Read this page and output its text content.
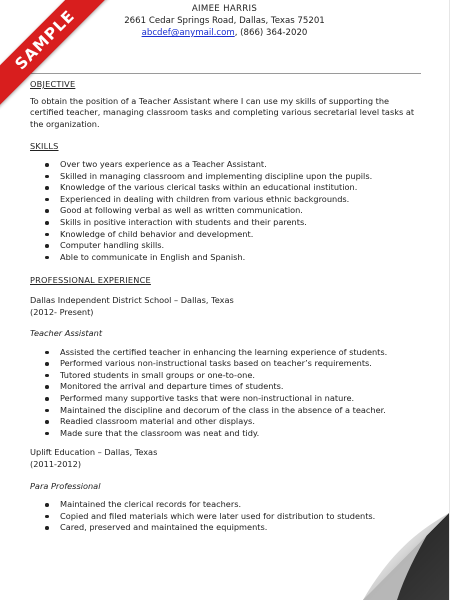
AIMEE HARRIS
2661 Cedar Springs Road, Dallas, Texas 75201
abcdef@anymail.com, (866) 364-2020
OBJECTIVE

To obtain the position of a Teacher Assistant where I can use my skills of supporting the certified teacher, managing classroom tasks and completing various secretarial level tasks at the organization.

SKILLS
Over two years experience as a Teacher Assistant.
Skilled in managing classroom and implementing discipline upon the pupils.
Knowledge of the various clerical tasks within an educational institution.
Experienced in dealing with children from various ethnic backgrounds.
Good at following verbal as well as written communication.
Skills in positive interaction with students and their parents.
Knowledge of child behavior and development.
Computer handling skills.
Able to communicate in English and Spanish.
PROFESSIONAL EXPERIENCE
Dallas Independent District School – Dallas, Texas
(2012- Present)
Teacher Assistant
Assisted the certified teacher in enhancing the learning experience of students.
Performed various non-instructional tasks based on teacher’s requirements.
Tutored students in small groups or one-to-one.
Monitored the arrival and departure times of students.
Performed many supportive tasks that were non-instructional in nature.
Maintained the discipline and decorum of the class in the absence of a teacher.
Readied classroom material and other displays.
Made sure that the classroom was neat and tidy.
Uplift Education – Dallas, Texas
(2011-2012)
Para Professional
Maintained the clerical records for teachers.
Copied and filed materials which were later used for distribution to students.
Cared, preserved and maintained the equipments.
SAMPLE
